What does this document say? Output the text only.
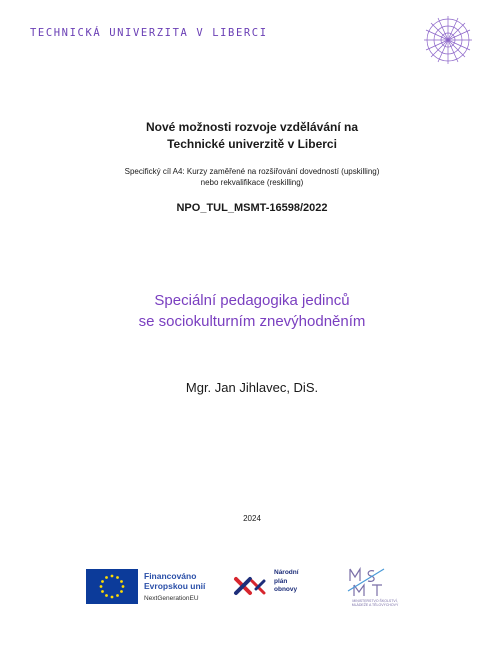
TECHNICKÁ UNIVERZITA V LIBERCI
Nové možnosti rozvoje vzdělávání na
Technické univerzitě v Liberci
Specifický cíl A4: Kurzy zaměřené na rozšiřování dovedností (upskilling)
nebo rekvalifikace (reskilling)
NPO_TUL_MSMT-16598/2022
Speciální pedagogika jedinců
se sociokulturním znevýhodněním
Mgr. Jan Jihlavec, DiS.
2024
Financováno
Evropskou unií
NextGenerationEU
Národní
plán
obnovy
MINISTERSTVO ŠKOLSTVÍ, MLÁDEŽE A TĚLOVÝCHOVY
